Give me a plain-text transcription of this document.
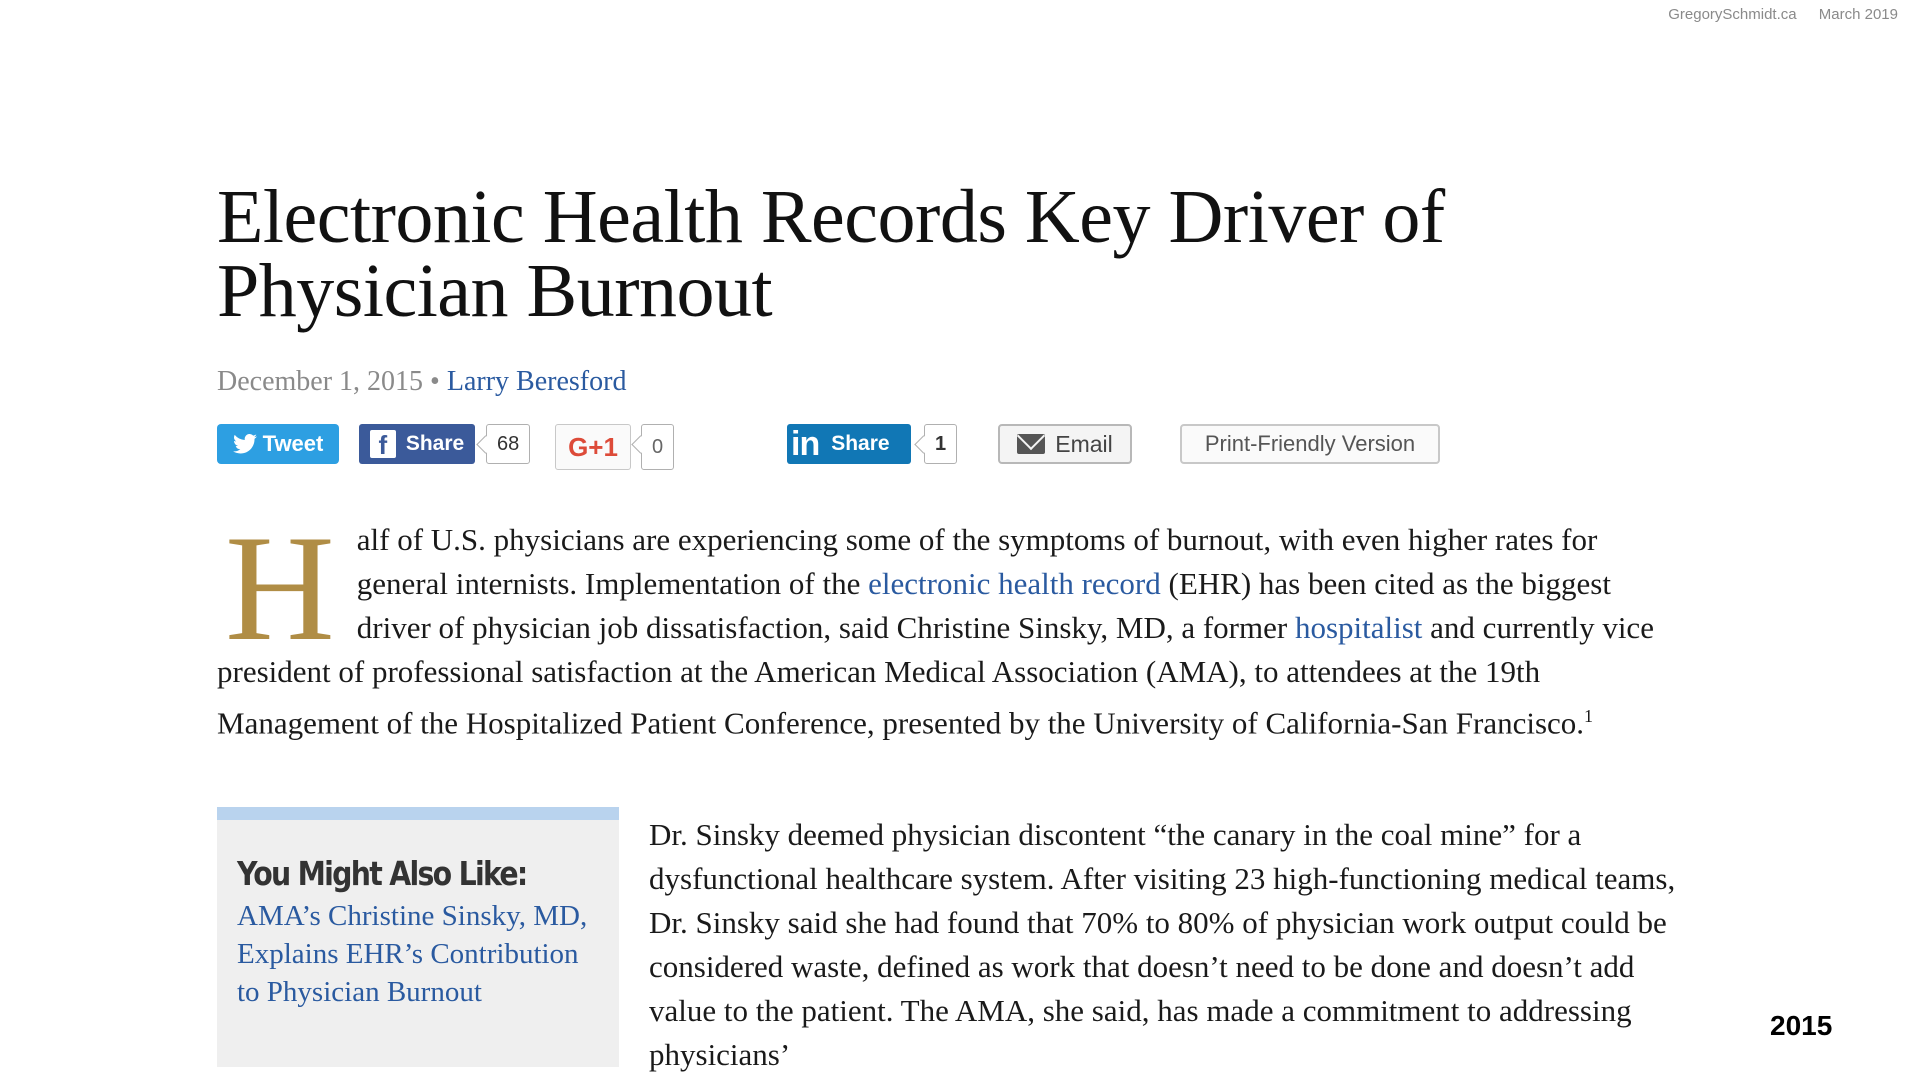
GregorySchmidt.ca March 2019
Electronic Health Records Key Driver of Physician Burnout
December 1, 2015 • Larry Beresford
Tweet	f Share	68	G+1	0	in Share	1	Email	Print-Friendly Version
H alf of U.S. physicians are experiencing some of the symptoms of burnout, with even higher rates for general internists. Implementation of the electronic health record (EHR) has been cited as the biggest driver of physician job dissatisfaction, said Christine Sinsky, MD, a former hospitalist and currently vice president of professional satisfaction at the American Medical Association (AMA), to attendees at the 19th Management of the Hospitalized Patient Conference, presented by the University of California-San Francisco.$^1$
You Might Also Like:
AMA’s Christine Sinsky, MD, Explains EHR’s Contribution to Physician Burnout
Dr. Sinsky deemed physician discontent “the canary in the coal mine” for a dysfunctional healthcare system. After visiting 23 high-functioning medical teams, Dr. Sinsky said she had found that 70% to 80% of physician work output could be considered waste, defined as work that doesn’t need to be done and doesn’t add value to the patient. The AMA, she said, has made a commitment to addressing physicians’
2015
